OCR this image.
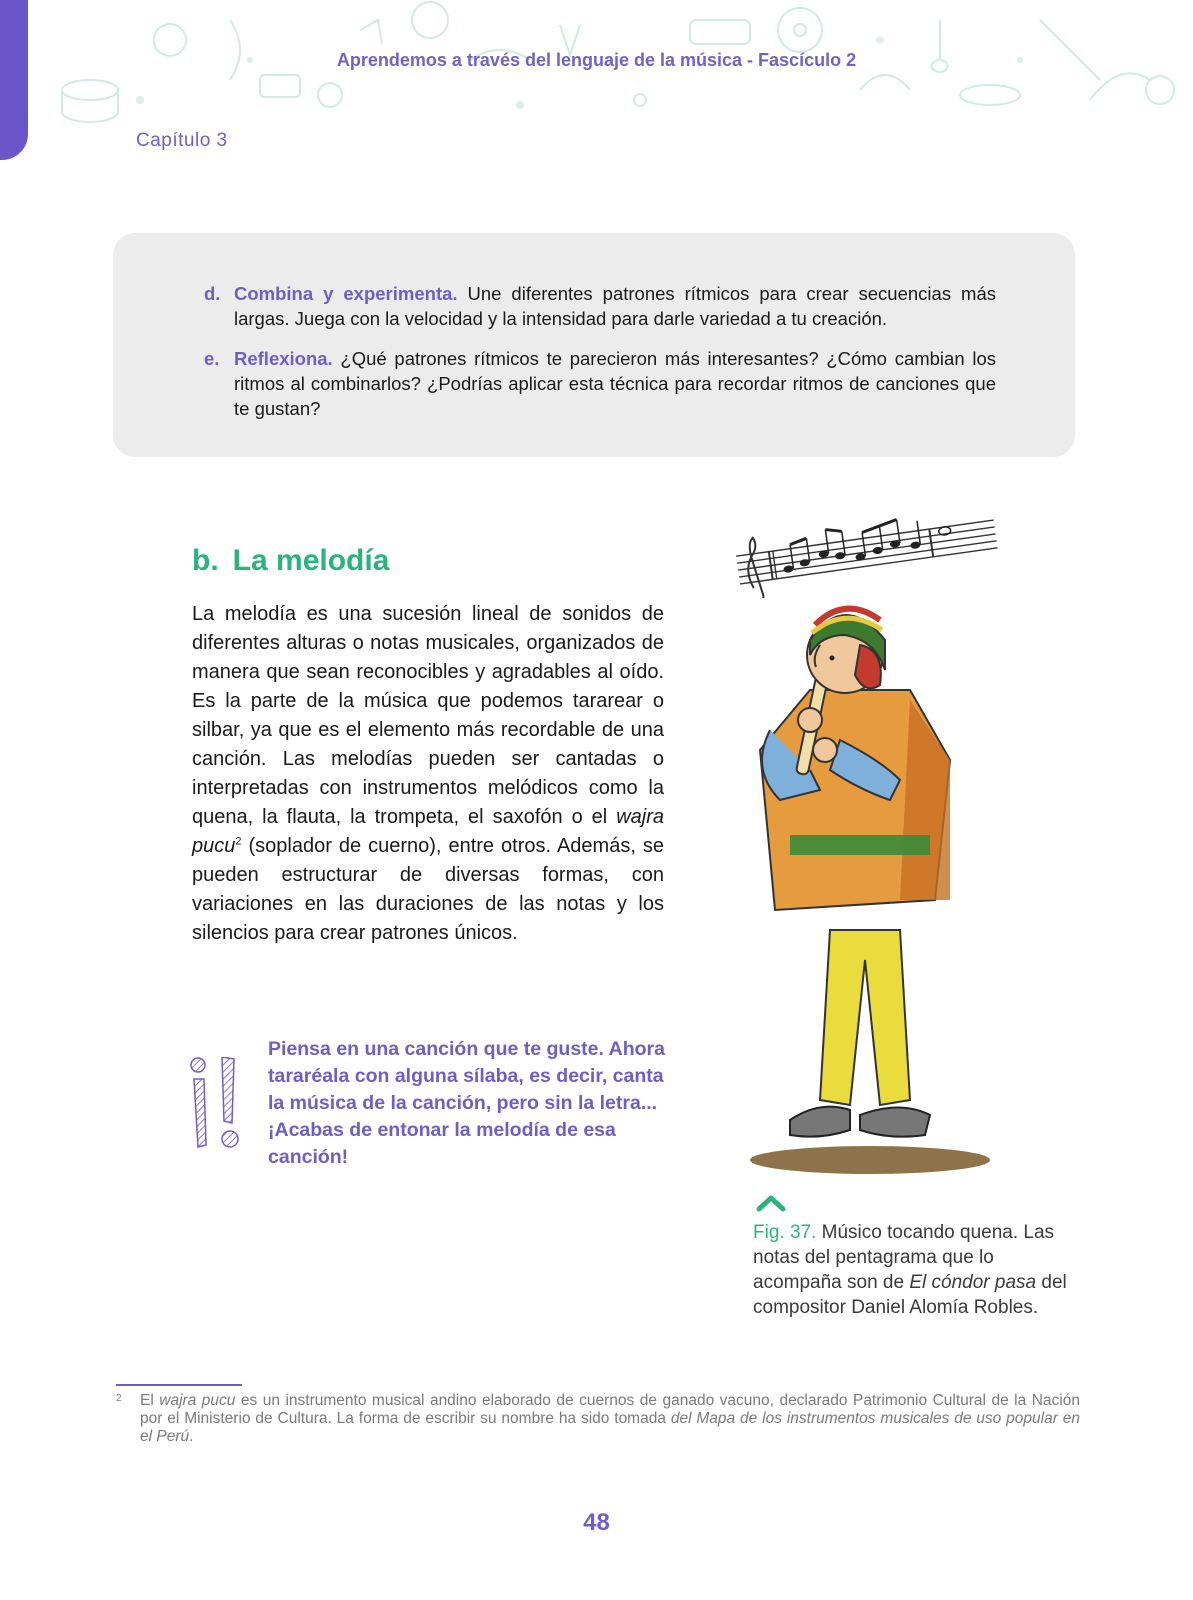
Aprendemos a través del lenguaje de la música - Fascículo 2
Capítulo 3
d. Combina y experimenta. Une diferentes patrones rítmicos para crear secuencias más largas. Juega con la velocidad y la intensidad para darle variedad a tu creación.
e. Reflexiona. ¿Qué patrones rítmicos te parecieron más interesantes? ¿Cómo cambian los ritmos al combinarlos? ¿Podrías aplicar esta técnica para recordar ritmos de canciones que te gustan?
b. La melodía

La melodía es una sucesión lineal de sonidos de diferentes alturas o notas musicales, organizados de manera que sean reconocibles y agradables al oído. Es la parte de la música que podemos tararear o silbar, ya que es el elemento más recordable de una canción. Las melodías pueden ser cantadas o interpretadas con instrumentos melódicos como la quena, la flauta, la trompeta, el saxofón o el wajra pucu$^2$ (soplador de cuerno), entre otros. Además, se pueden estructurar de diversas formas, con variaciones en las duraciones de las notas y los silencios para crear patrones únicos.

Piensa en una canción que te guste. Ahora tararéala con alguna sílaba, es decir, canta la música de la canción, pero sin la letra... ¡Acabas de entonar la melodía de esa canción!
Fig. 37. Músico tocando quena. Las notas del pentagrama que lo acompaña son de El cóndor pasa del compositor Daniel Alomía Robles.
2 El wajra pucu es un instrumento musical andino elaborado de cuernos de ganado vacuno, declarado Patrimonio Cultural de la Nación por el Ministerio de Cultura. La forma de escribir su nombre ha sido tomada del Mapa de los instrumentos musicales de uso popular en el Perú.
48
